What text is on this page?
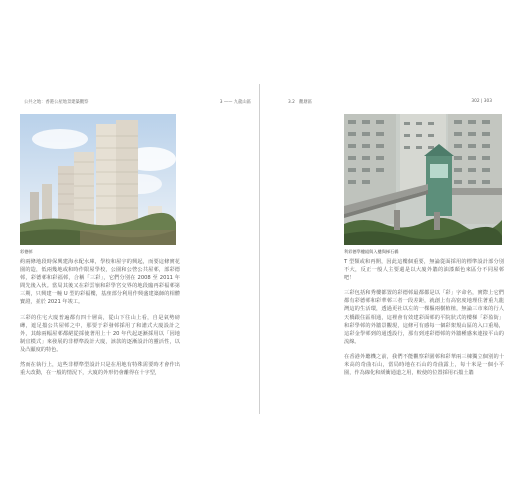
公共之地：香港公屋地景建築觀察	3 —— 九龍山區
彩德邨

約兩條地段時保興建海水配水庫，學校和屋宇的興起，而要這條實花園的造，低兩幾地或和時作限屋學校，公園和公營公共屋邨，部彩德邨，彩德邨和彩福邨，合稱「三彩」，它們分別在 2008 至 2011 年間先後入伙。當局其後又在彩雲嶺和彩學宮交界的地段臨再彩福邨第三期，只興建一幢 U 型的彩福樓，基座部分利用作興盛建築師的相體寶證，並於 2021 年竣工。

三彩的住宅大廈普遍都有四十層高，從山下往山上看，自是氣勢磅礡，遮足擋公共屋邨之中，那要于彩發邨採用了和諧式大廈設計之外，其餘兩幅屋邨都絕從採使著用上十 20 年代起逐漸採用以「因地制宜模式」來發展的非標準設計大廈，該款的逐漸設計的靈活性，以及凸顯度的特色。

然而在執行上，這些非標準型設計只是在用地有特殊需要時才會作出重大改動，在一般的情況下，大廈的外形仍會離得在十字型，

3.2　觀塘區	302 | 303
利彩德學樓組與入樓與梯石橋

T 型類或和再開，因此這樓個重要，無論從面採用的標準設計部分別不大，反正一般人主要還是以大廈外牆的油漆顏色來區分不同屋邨吧！

三彩包括和秀樓都置的彩德邨最都都是以「彩」字命名，實際上它們都有彩德邨和彩華邨三者一段差距，就創上有高密度地理住著重九龍灣這的生活環，透過更社以左的一棵樞兩樹植植，無論三市來的行人天橋跟住區相通，這裡會有效建彩面邨的平院狀式的樓梯「彩盈街」和彩學邨的外牆景觀現，這條可有感每一個彩架規山區的入口重場，這彩金學邨到的通透設行，那有到達彩德邨的外牆種感來連接平山的流線。

在香港外聽機之前，我們不能觀察彩園邨和彩華兩三棟獨立個別的十米高的奇曲石山，當局時地在石山的奇曲露上，每十米是一個小平園，作為線化和緩衝通道之用，較使的位置採用石擋土牆
